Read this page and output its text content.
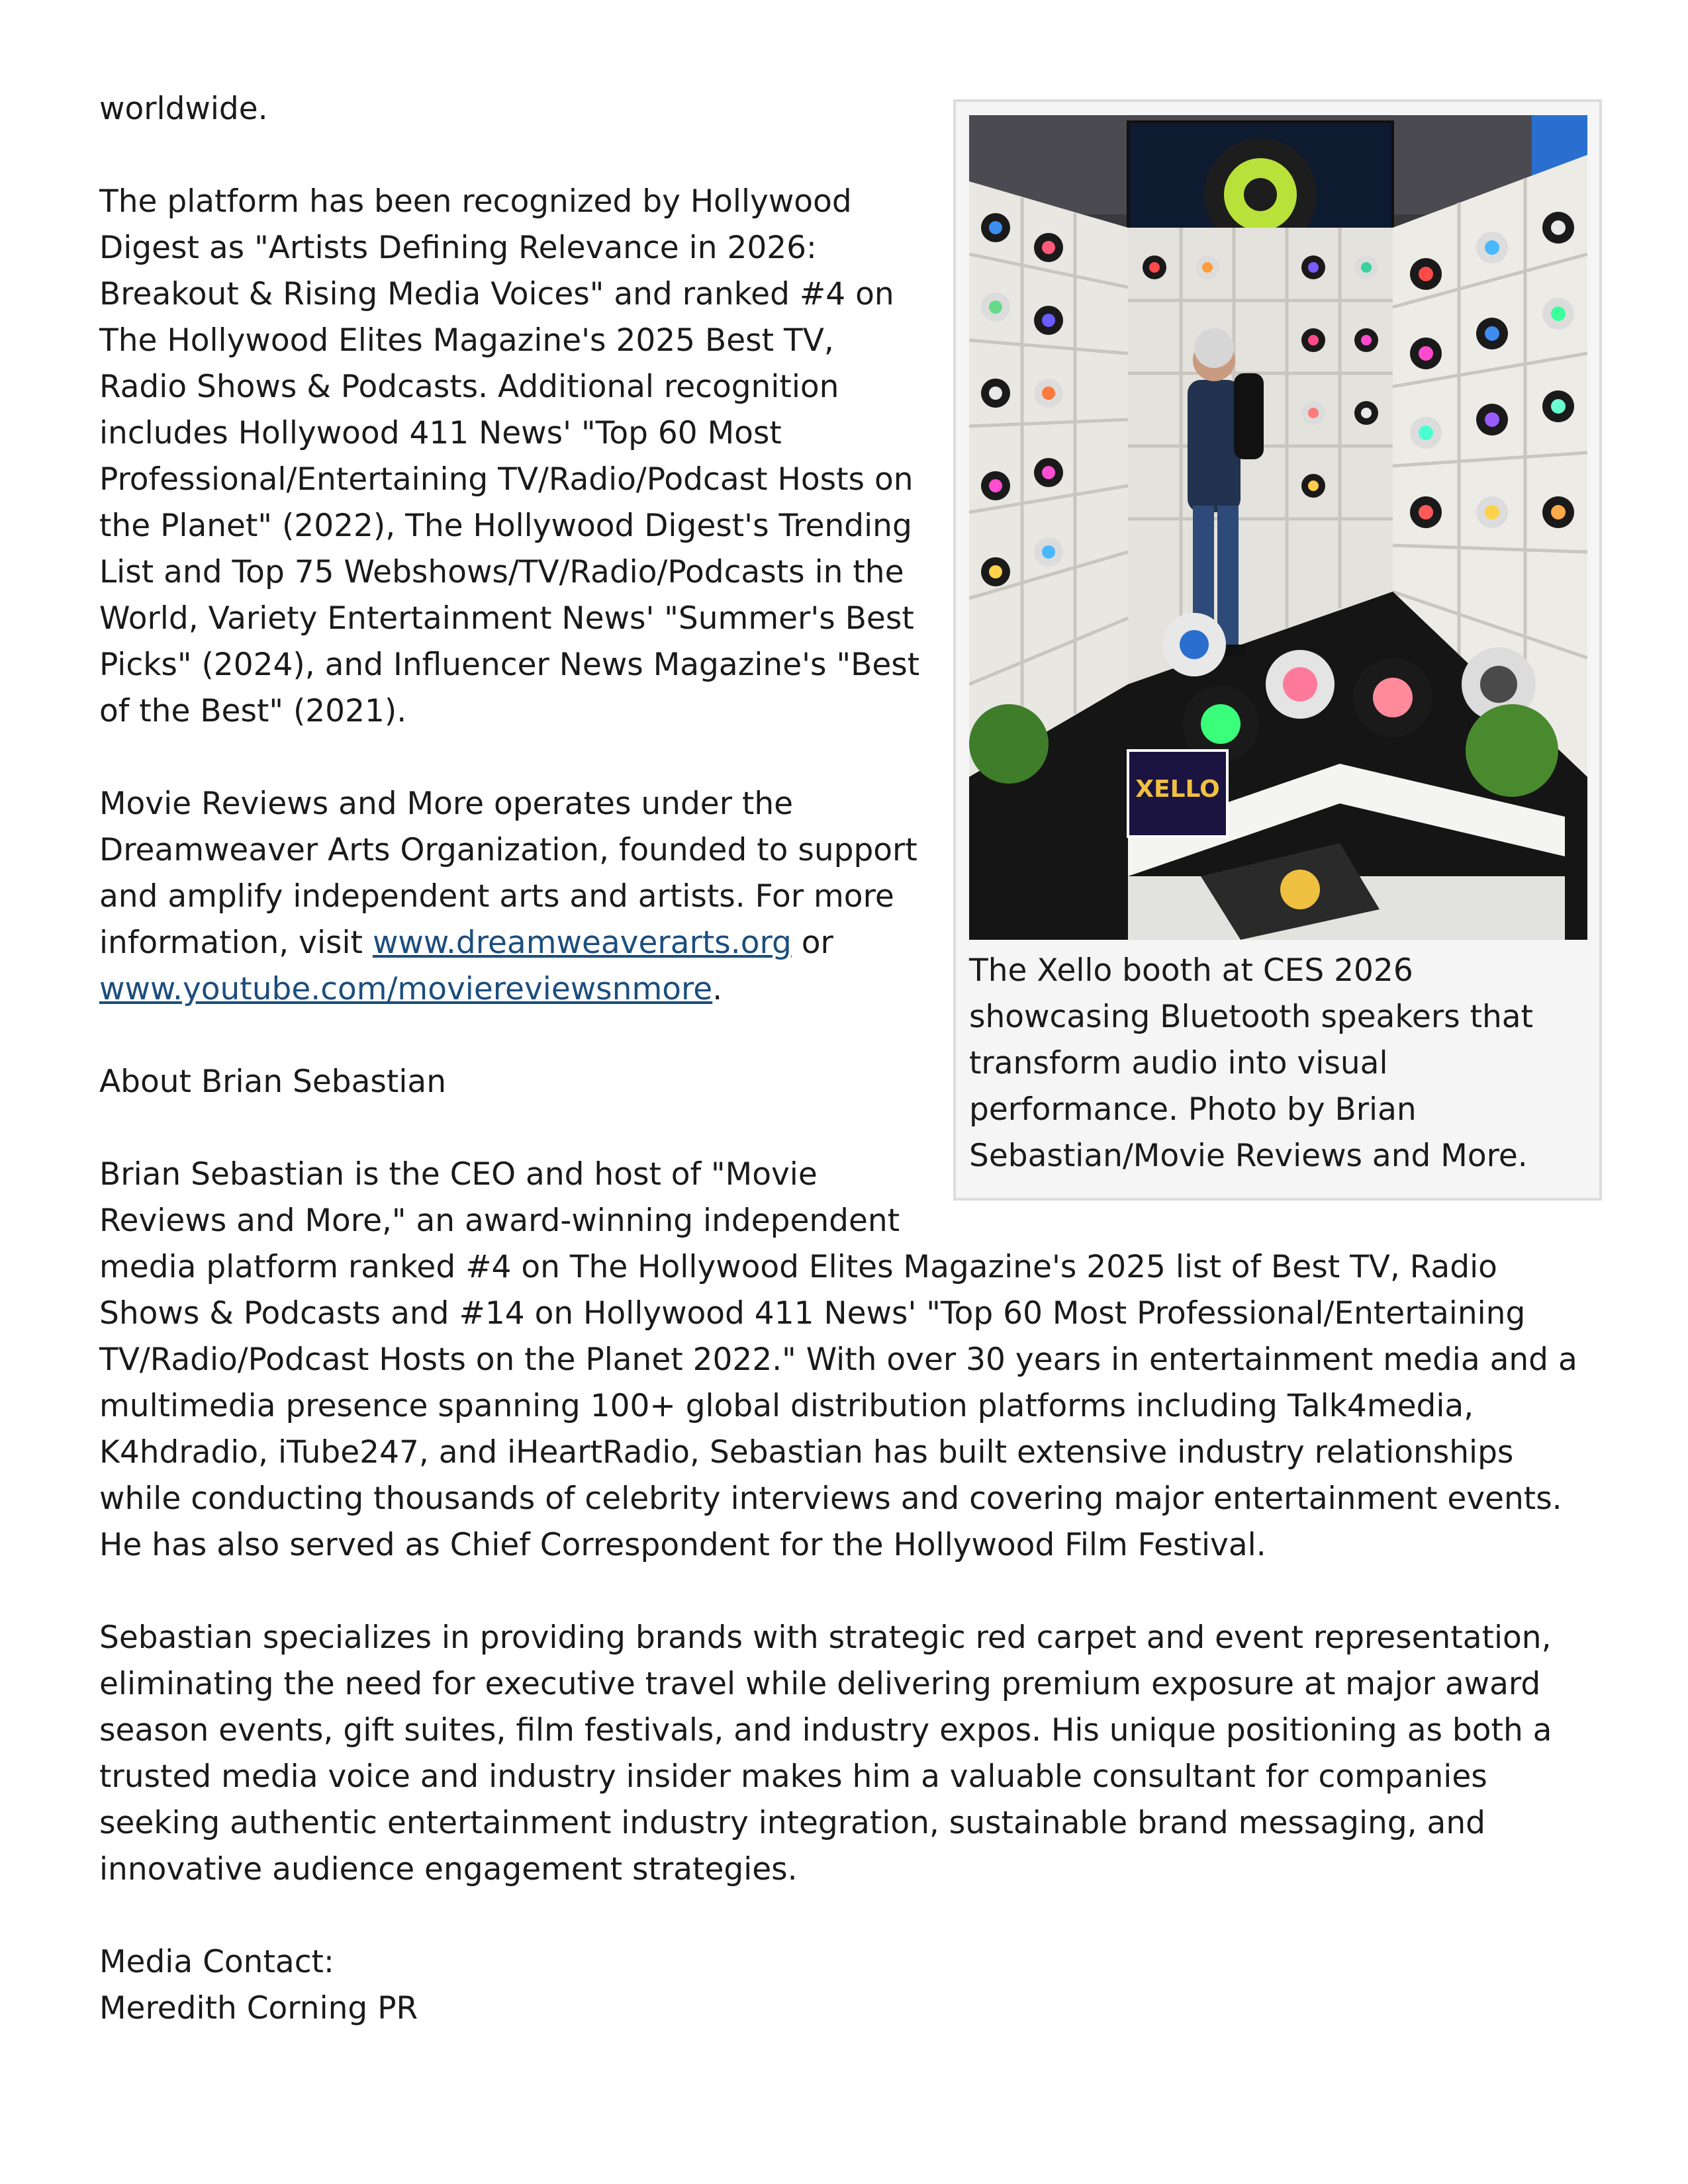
XELLO
The Xello booth at CES 2026 showcasing Bluetooth speakers that transform audio into visual performance. Photo by Brian Sebastian/Movie Reviews and More.

worldwide.

The platform has been recognized by Hollywood Digest as "Artists Defining Relevance in 2026: Breakout & Rising Media Voices" and ranked #4 on The Hollywood Elites Magazine's 2025 Best TV, Radio Shows & Podcasts. Additional recognition includes Hollywood 411 News' "Top 60 Most Professional/Entertaining TV/Radio/Podcast Hosts on the Planet" (2022), The Hollywood Digest's Trending List and Top 75 Webshows/TV/Radio/Podcasts in the World, Variety Entertainment News' "Summer's Best Picks" (2024), and Influencer News Magazine's "Best of the Best" (2021).

Movie Reviews and More operates under the Dreamweaver Arts Organization, founded to support and amplify independent arts and artists. For more information, visit www.dreamweaverarts.org or www.youtube.com/moviereviewsnmore.

About Brian Sebastian

Brian Sebastian is the CEO and host of "Movie Reviews and More," an award-winning independent media platform ranked #4 on The Hollywood Elites Magazine's 2025 list of Best TV, Radio Shows & Podcasts and #14 on Hollywood 411 News' "Top 60 Most Professional/Entertaining TV/Radio/Podcast Hosts on the Planet 2022." With over 30 years in entertainment media and a multimedia presence spanning 100+ global distribution platforms including Talk4media, K4hdradio, iTube247, and iHeartRadio, Sebastian has built extensive industry relationships while conducting thousands of celebrity interviews and covering major entertainment events. He has also served as Chief Correspondent for the Hollywood Film Festival.

Sebastian specializes in providing brands with strategic red carpet and event representation, eliminating the need for executive travel while delivering premium exposure at major award season events, gift suites, film festivals, and industry expos. His unique positioning as both a trusted media voice and industry insider makes him a valuable consultant for companies seeking authentic entertainment industry integration, sustainable brand messaging, and innovative audience engagement strategies.

Media Contact:
Meredith Corning PR
